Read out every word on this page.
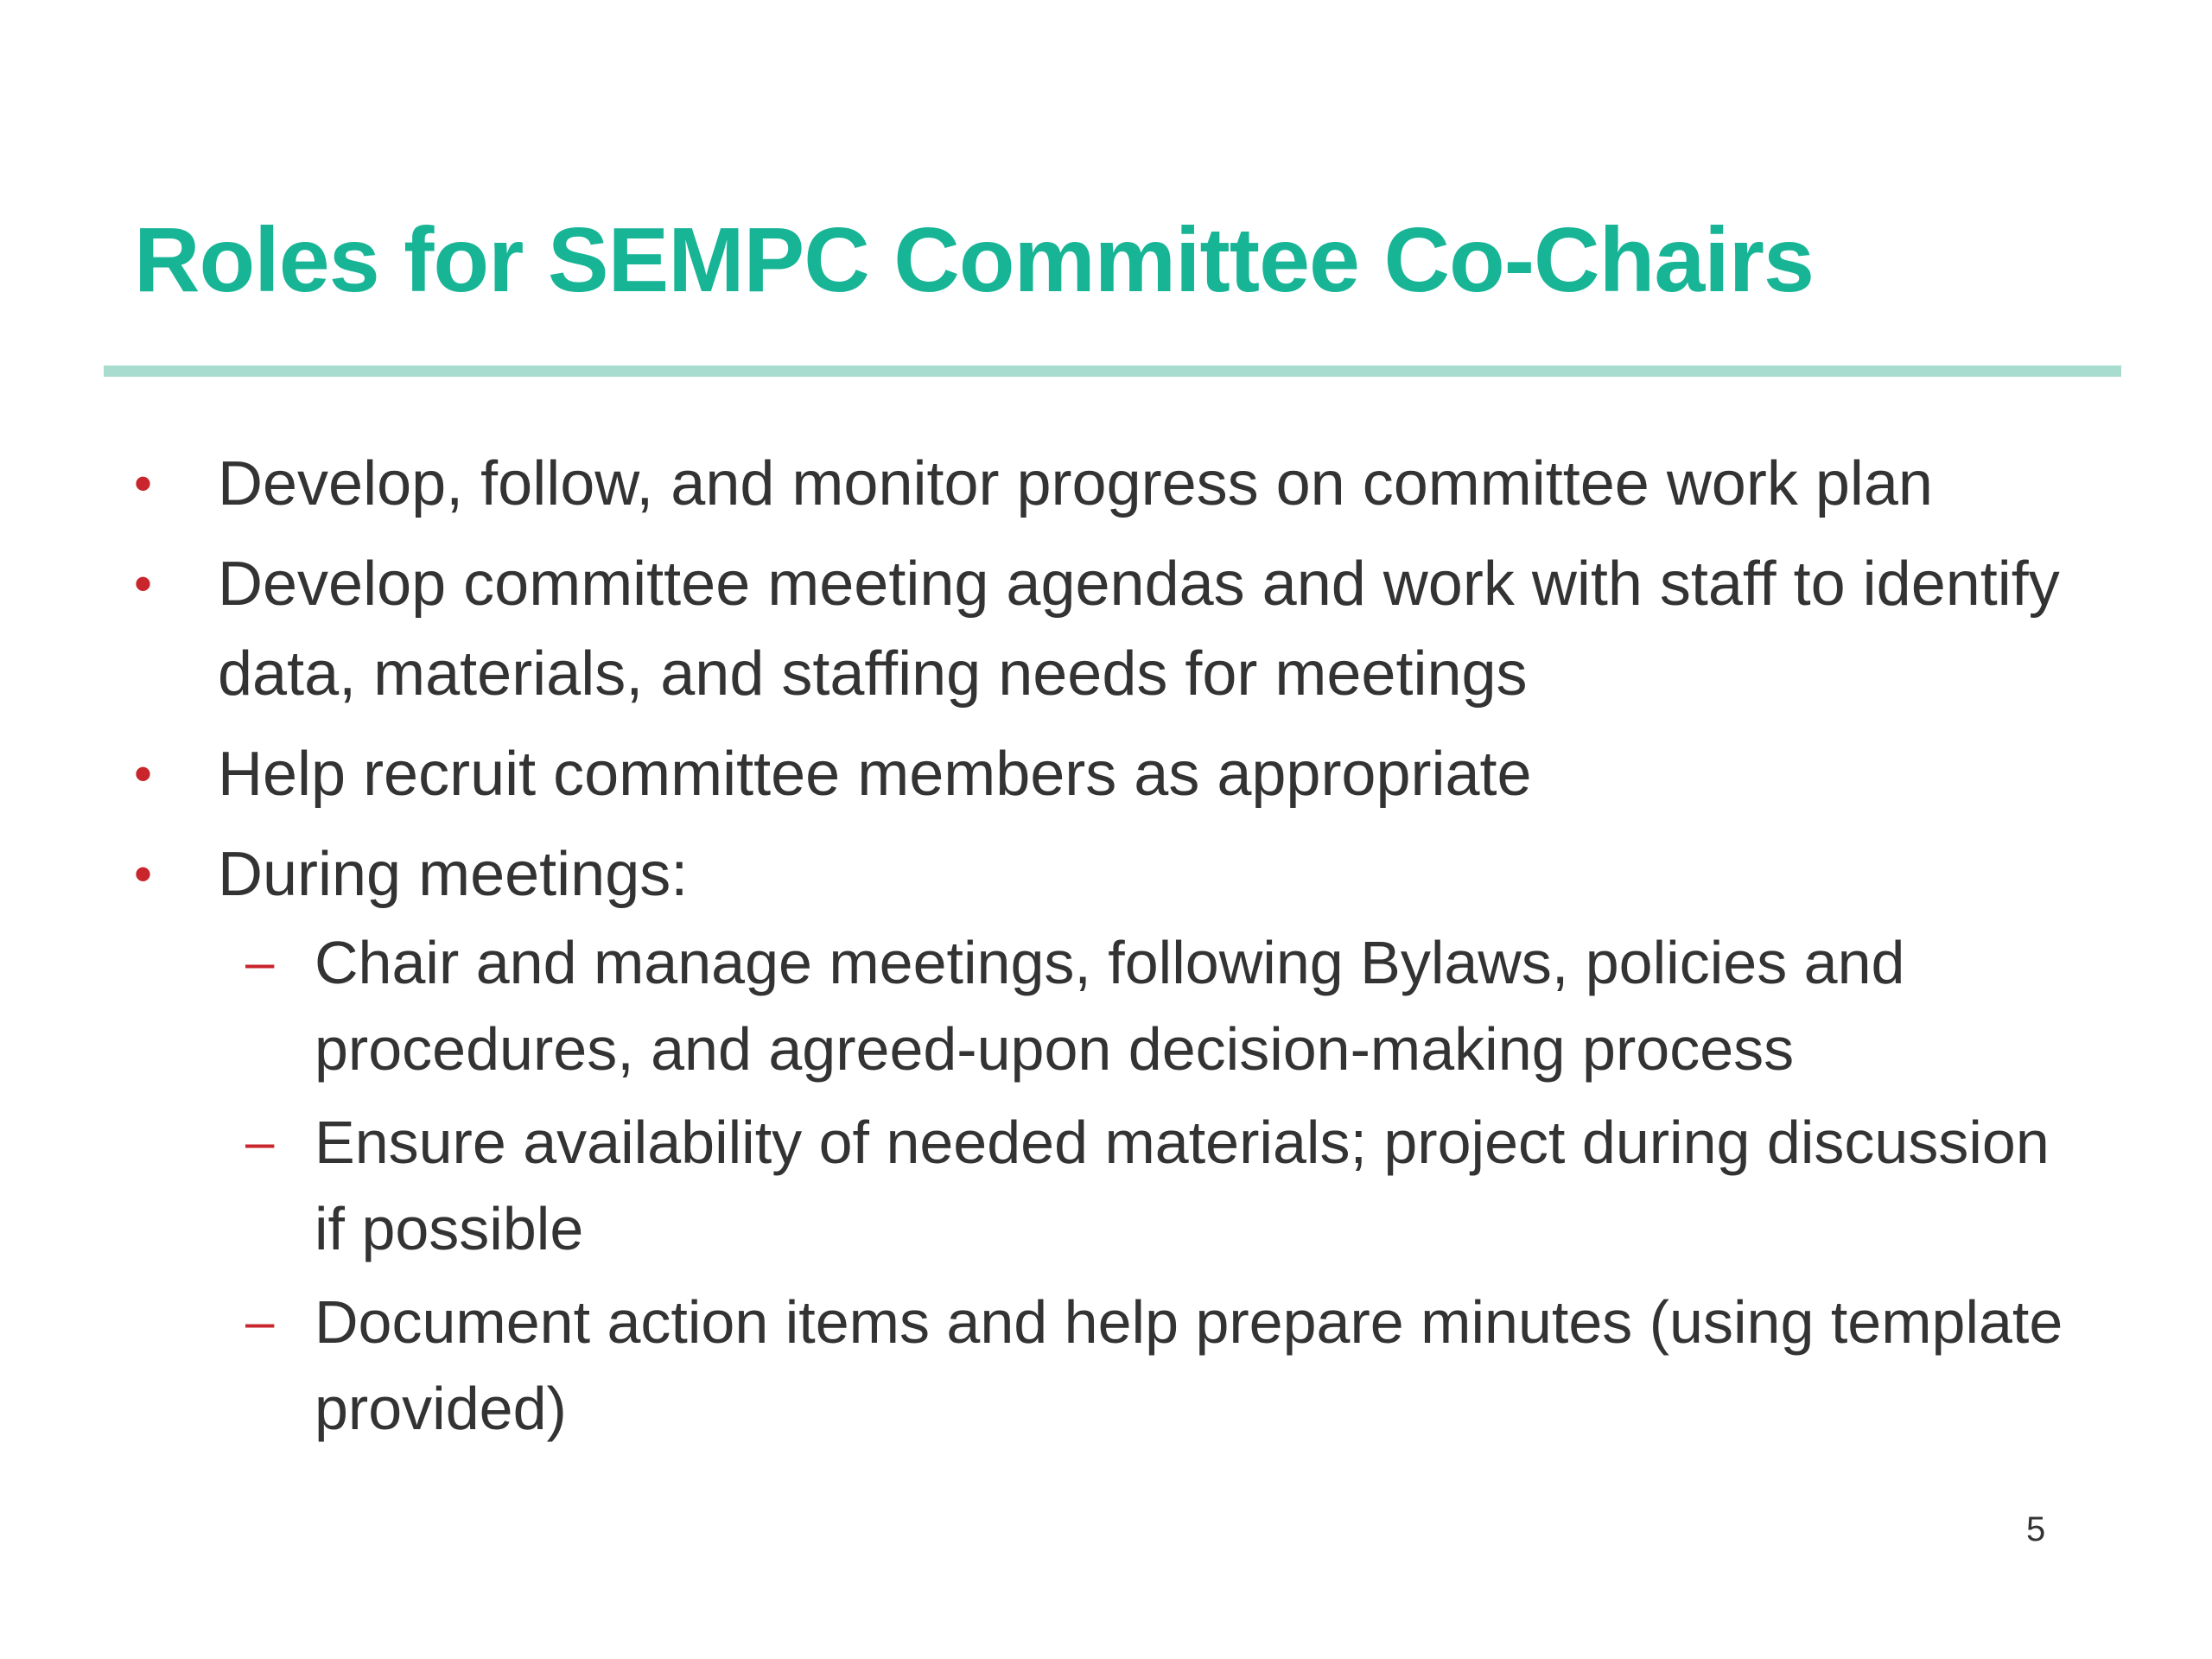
Roles for SEMPC Committee Co-Chairs
• Develop, follow, and monitor progress on committee work plan
• Develop committee meeting agendas and work with staff to identify data, materials, and staffing needs for meetings
• Help recruit committee members as appropriate
• During meetings:
– Chair and manage meetings, following Bylaws, policies and procedures, and agreed-upon decision-making process
– Ensure availability of needed materials; project during discussion if possible
– Document action items and help prepare minutes (using template provided)
5
